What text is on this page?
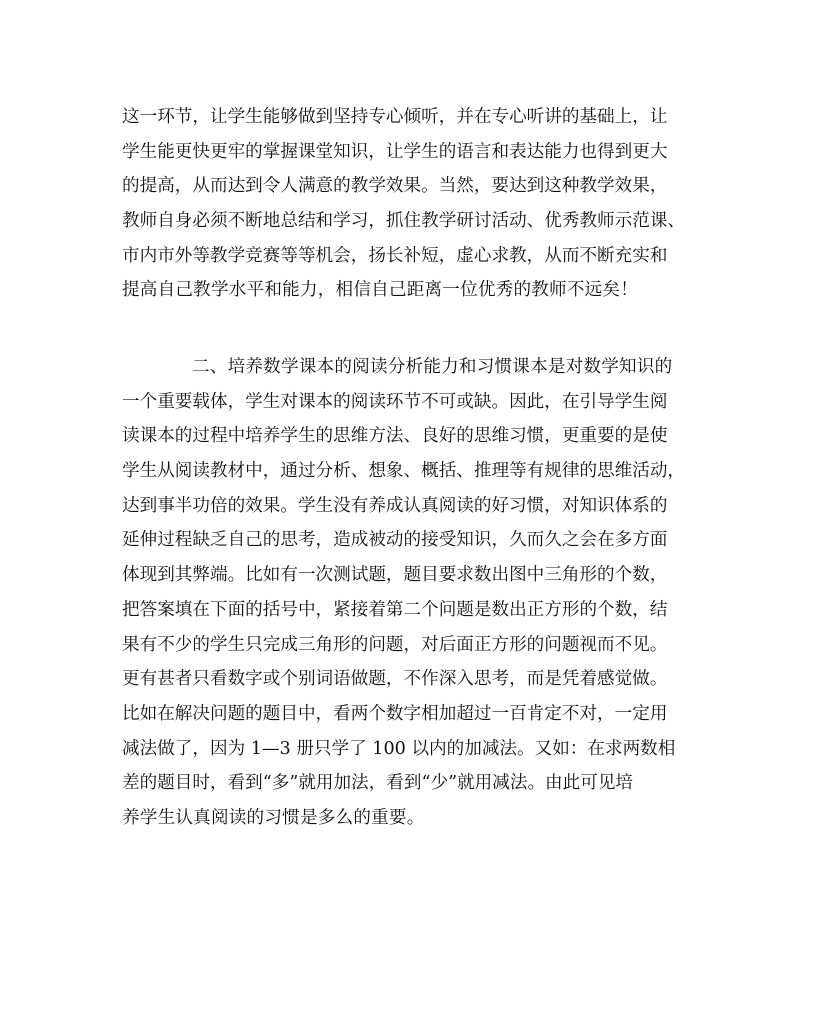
这一环节，让学生能够做到坚持专心倾听，并在专心听讲的基础上，让
学生能更快更牢的掌握课堂知识，让学生的语言和表达能力也得到更大
的提高，从而达到令人满意的教学效果。当然，要达到这种教学效果，
教师自身必须不断地总结和学习，抓住教学研讨活动、优秀教师示范课、
市内市外等教学竞赛等等机会，扬长补短，虚心求教，从而不断充实和
提高自己教学水平和能力，相信自己距离一位优秀的教师不远矣！
二、培养数学课本的阅读分析能力和习惯课本是对数学知识的
一个重要载体，学生对课本的阅读环节不可或缺。因此，在引导学生阅
读课本的过程中培养学生的思维方法、良好的思维习惯，更重要的是使
学生从阅读教材中，通过分析、想象、概括、推理等有规律的思维活动，
达到事半功倍的效果。学生没有养成认真阅读的好习惯，对知识体系的
延伸过程缺乏自己的思考，造成被动的接受知识，久而久之会在多方面
体现到其弊端。比如有一次测试题，题目要求数出图中三角形的个数，
把答案填在下面的括号中，紧接着第二个问题是数出正方形的个数，结
果有不少的学生只完成三角形的问题，对后面正方形的问题视而不见。
更有甚者只看数字或个别词语做题，不作深入思考，而是凭着感觉做。
比如在解决问题的题目中，看两个数字相加超过一百肯定不对，一定用
减法做了，因为 1—3 册只学了 100 以内的加减法。又如：在求两数相
差的题目时，看到“多”就用加法，看到“少”就用减法。由此可见培
养学生认真阅读的习惯是多么的重要。
